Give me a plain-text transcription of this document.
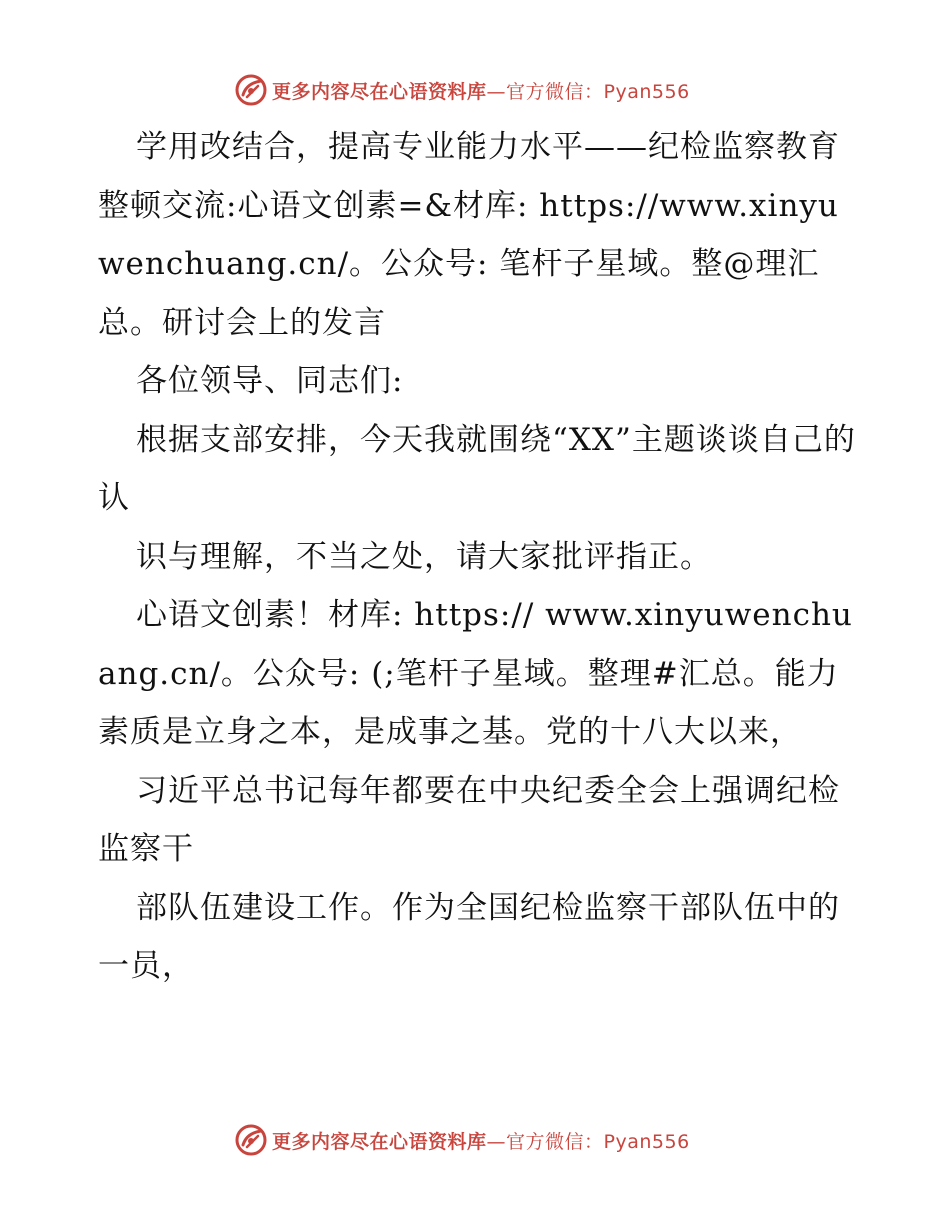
更多内容尽在心语资料库—官方微信：Pyan556

学用改结合，提高专业能力水平——纪检监察教育整顿交流:心语文创素=&材库: https://www.xinyuwenchuang.cn/。公众号: 笔杆子星域。整@理汇总。研讨会上的发言

各位领导、同志们:

根据支部安排，今天我就围绕“XX”主题谈谈自己的认

识与理解，不当之处，请大家批评指正。

心语文创素！材库: https:// www.xinyuwenchuang.cn/。公众号: (;笔杆子星域。整理#汇总。能力素质是立身之本，是成事之基。党的十八大以来，

习近平总书记每年都要在中央纪委全会上强调纪检监察干

部队伍建设工作。作为全国纪检监察干部队伍中的一员，

更多内容尽在心语资料库—官方微信：Pyan556
